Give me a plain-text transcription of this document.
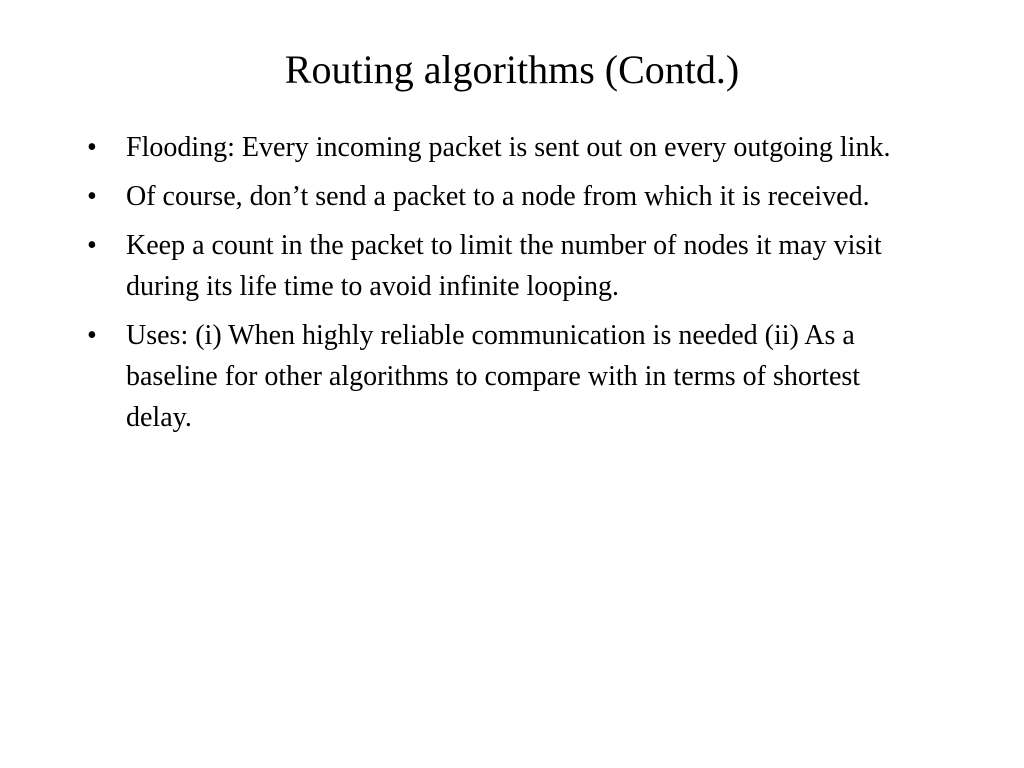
Routing algorithms (Contd.)
• Flooding: Every incoming packet is sent out on every outgoing link.
• Of course, don’t send a packet to a node from which it is received.
• Keep a count in the packet to limit the number of nodes it may visit during its life time to avoid infinite looping.
• Uses: (i) When highly reliable communication is needed (ii) As a baseline for other algorithms to compare with in terms of shortest delay.
